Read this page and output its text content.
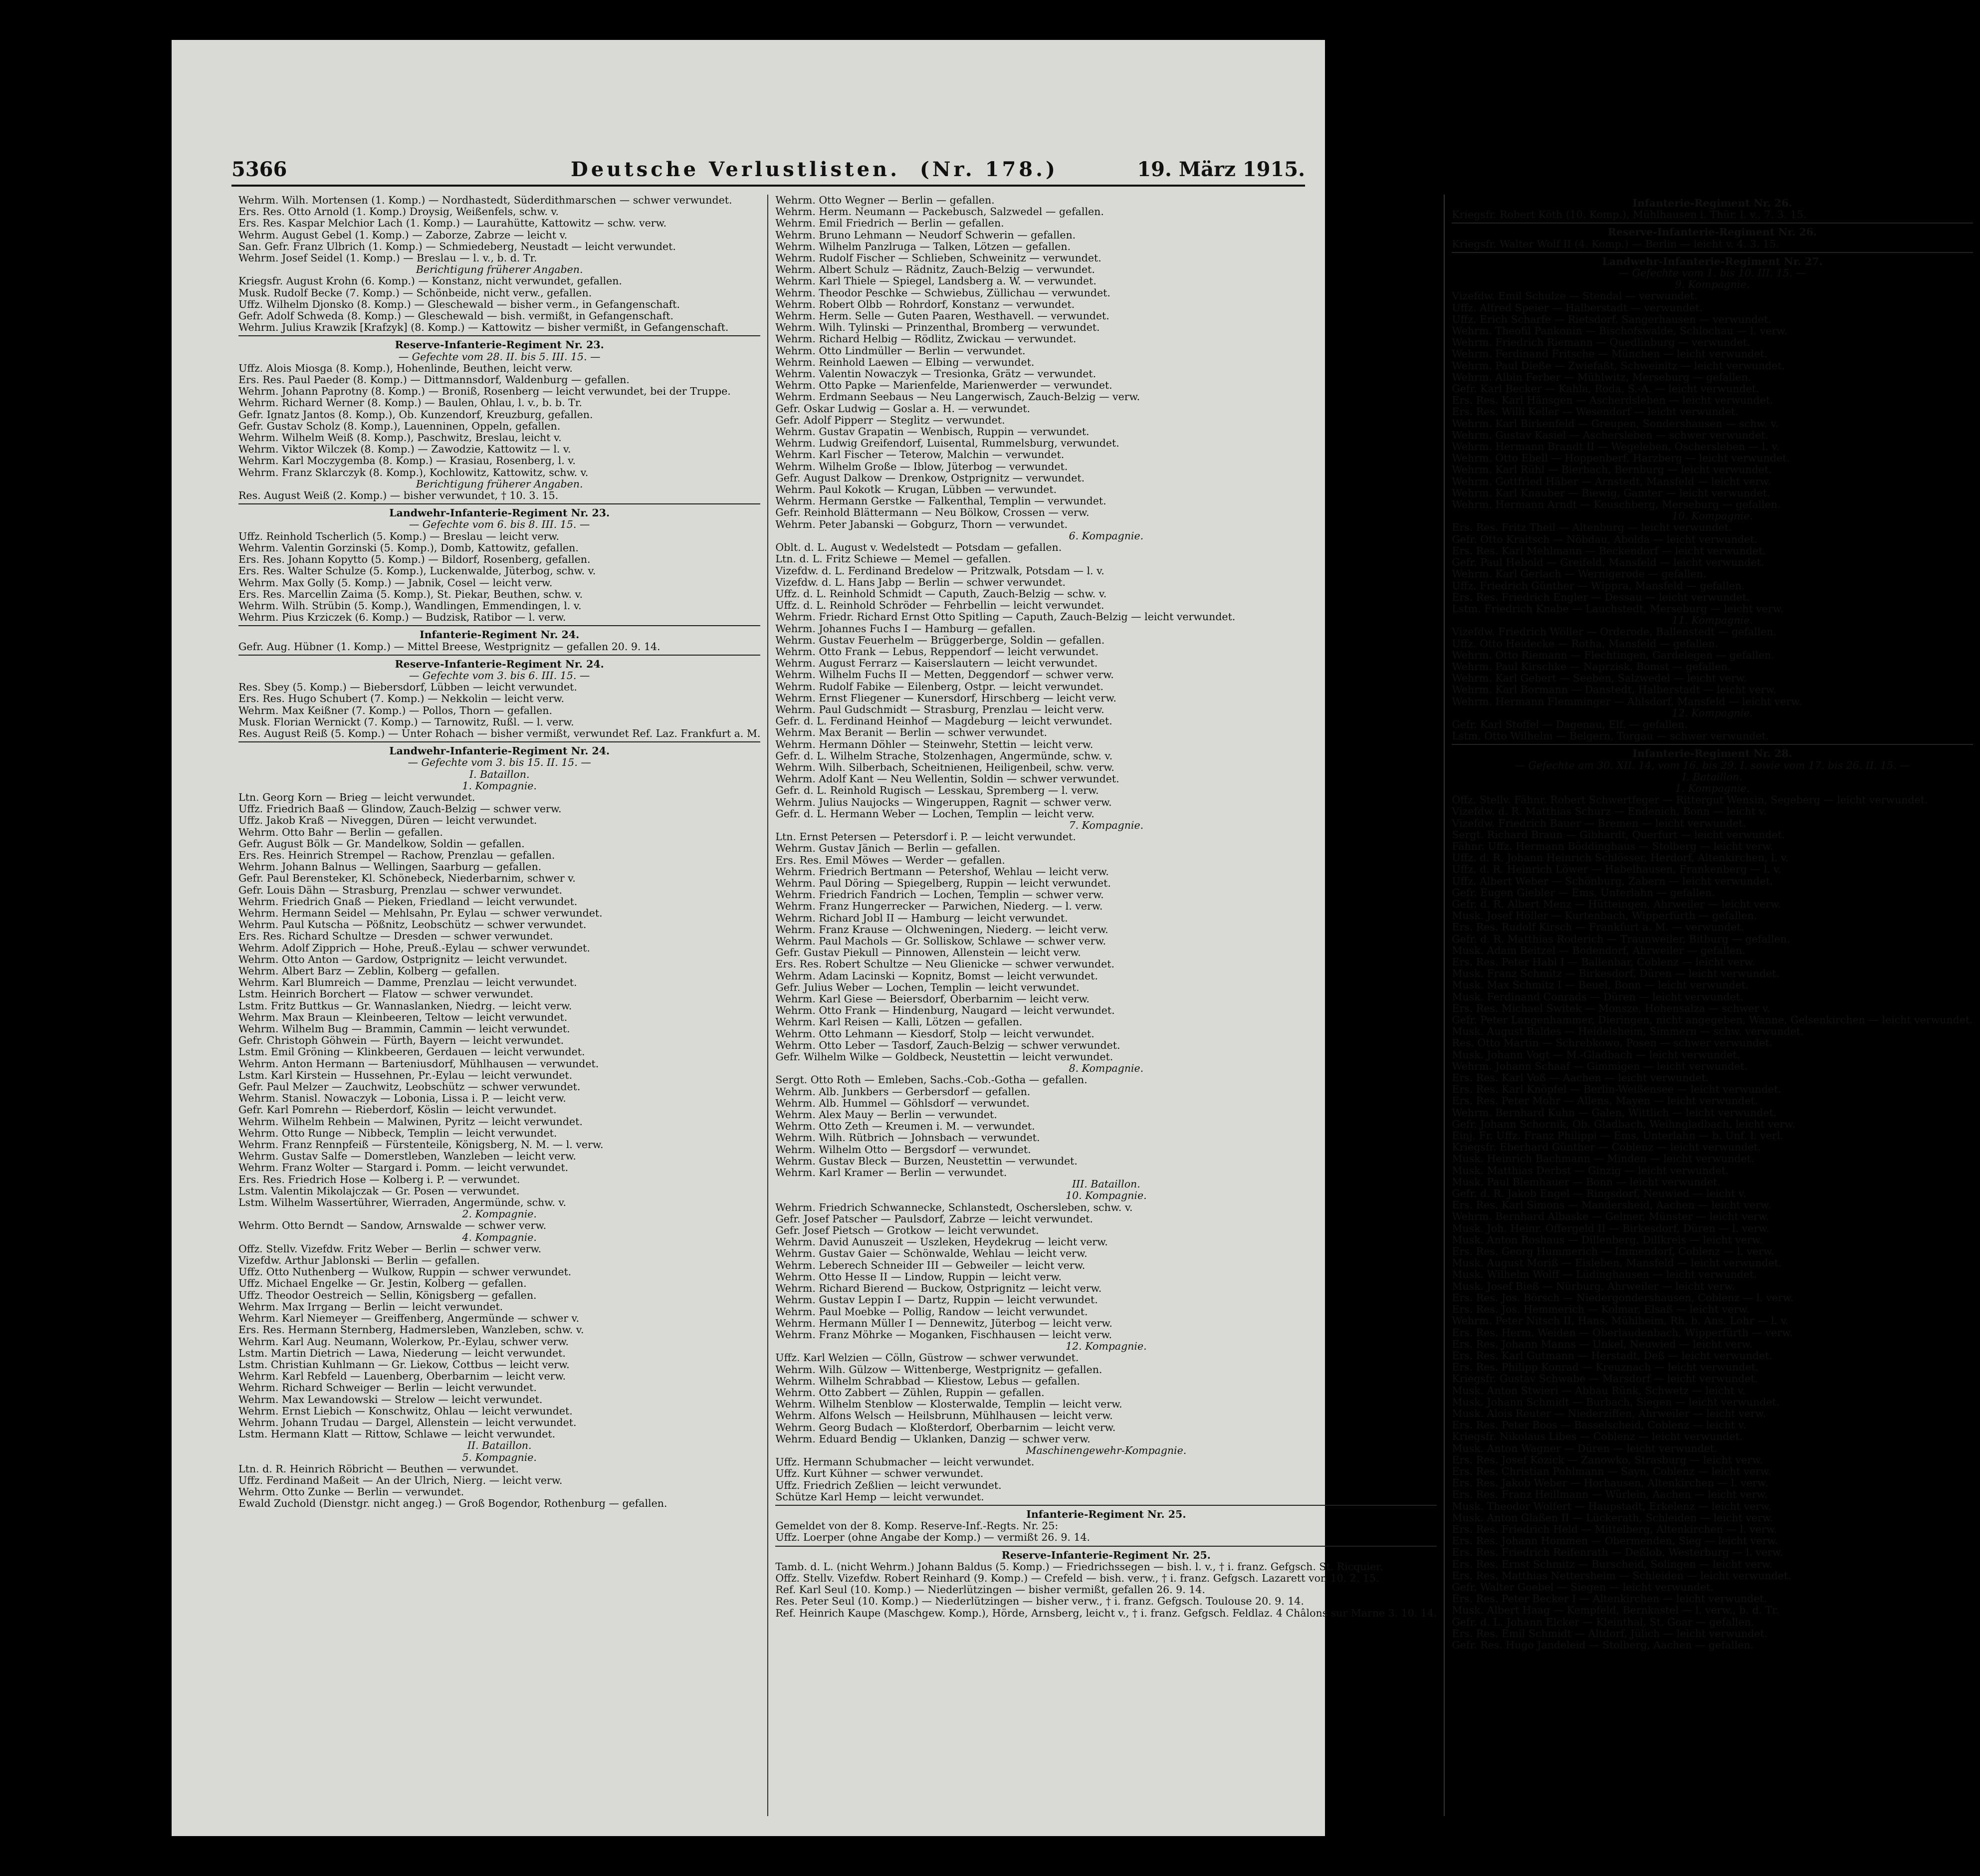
5366	Deutsche Verlustlisten. (Nr. 178.)	19. März 1915.
Wehrm. Wilh. Mortensen (1. Komp.) — Nordhastedt, Süderdithmarschen — schwer verwundet.
Ers. Res. Otto Arnold (1. Komp.) Droysig, Weißenfels, schw. v.
Ers. Res. Kaspar Melchior Lach (1. Komp.) — Laurahütte, Kattowitz — schw. verw.
Wehrm. August Gebel (1. Komp.) — Zaborze, Zabrze — leicht v.
San. Gefr. Franz Ulbrich (1. Komp.) — Schmiedeberg, Neustadt — leicht verwundet.
Wehrm. Josef Seidel (1. Komp.) — Breslau — l. v., b. d. Tr.
Berichtigung früherer Angaben.
Kriegsfr. August Krohn (6. Komp.) — Konstanz, nicht verwundet, gefallen.
Musk. Rudolf Becke (7. Komp.) — Schönbeide, nicht verw., gefallen.
Uffz. Wilhelm Djonsko (8. Komp.) — Gleschewald — bisher verm., in Gefangenschaft.
Gefr. Adolf Schweda (8. Komp.) — Gleschewald — bish. vermißt, in Gefangenschaft.
Wehrm. Julius Krawzik [Krafzyk] (8. Komp.) — Kattowitz — bisher vermißt, in Gefangenschaft.
Reserve-Infanterie-Regiment Nr. 23.
— Gefechte vom 28. II. bis 5. III. 15. —
Uffz. Alois Miosga (8. Komp.), Hohenlinde, Beuthen, leicht verw.
Ers. Res. Paul Paeder (8. Komp.) — Dittmannsdorf, Waldenburg — gefallen.
Wehrm. Johann Paprotny (8. Komp.) — Broniß, Rosenberg — leicht verwundet, bei der Truppe.
Wehrm. Richard Werner (8. Komp.) — Baulen, Ohlau, l. v., b. b. Tr.
Gefr. Ignatz Jantos (8. Komp.), Ob. Kunzendorf, Kreuzburg, gefallen.
Gefr. Gustav Scholz (8. Komp.), Lauenninen, Oppeln, gefallen.
Wehrm. Wilhelm Weiß (8. Komp.), Paschwitz, Breslau, leicht v.
Wehrm. Viktor Wilczek (8. Komp.) — Zawodzie, Kattowitz — l. v.
Wehrm. Karl Moczygemba (8. Komp.) — Krasiau, Rosenberg, l. v.
Wehrm. Franz Sklarczyk (8. Komp.), Kochlowitz, Kattowitz, schw. v.
Berichtigung früherer Angaben.
Res. August Weiß (2. Komp.) — bisher verwundet, † 10. 3. 15.
Landwehr-Infanterie-Regiment Nr. 23.
— Gefechte vom 6. bis 8. III. 15. —
Uffz. Reinhold Tscherlich (5. Komp.) — Breslau — leicht verw.
Wehrm. Valentin Gorzinski (5. Komp.), Domb, Kattowitz, gefallen.
Ers. Res. Johann Kopytto (5. Komp.) — Bildorf, Rosenberg, gefallen.
Ers. Res. Walter Schulze (5. Komp.), Luckenwalde, Jüterbog, schw. v.
Wehrm. Max Golly (5. Komp.) — Jabnik, Cosel — leicht verw.
Ers. Res. Marcellin Zaima (5. Komp.), St. Piekar, Beuthen, schw. v.
Wehrm. Wilh. Strübin (5. Komp.), Wandlingen, Emmendingen, l. v.
Wehrm. Pius Krziczek (6. Komp.) — Budzisk, Ratibor — l. verw.
Infanterie-Regiment Nr. 24.
Gefr. Aug. Hübner (1. Komp.) — Mittel Breese, Westprignitz — gefallen 20. 9. 14.
Reserve-Infanterie-Regiment Nr. 24.
— Gefechte vom 3. bis 6. III. 15. —
Res. Sbey (5. Komp.) — Biebersdorf, Lübben — leicht verwundet.
Ers. Res. Hugo Schubert (7. Komp.) — Nekkolin — leicht verw.
Wehrm. Max Keißner (7. Komp.) — Pollos, Thorn — gefallen.
Musk. Florian Wernickt (7. Komp.) — Tarnowitz, Rußl. — l. verw.
Res. August Reiß (5. Komp.) — Unter Rohach — bisher vermißt, verwundet Ref. Laz. Frankfurt a. M.
Landwehr-Infanterie-Regiment Nr. 24.
— Gefechte vom 3. bis 15. II. 15. —
I. Bataillon.
1. Kompagnie.
Ltn. Georg Korn — Brieg — leicht verwundet.
Uffz. Friedrich Baaß — Glindow, Zauch-Belzig — schwer verw.
Uffz. Jakob Kraß — Niveggen, Düren — leicht verwundet.
Wehrm. Otto Bahr — Berlin — gefallen.
Gefr. August Bölk — Gr. Mandelkow, Soldin — gefallen.
Ers. Res. Heinrich Strempel — Rachow, Prenzlau — gefallen.
Wehrm. Johann Balnus — Wellingen, Saarburg — gefallen.
Gefr. Paul Berensteker, Kl. Schönebeck, Niederbarnim, schwer v.
Gefr. Louis Dähn — Strasburg, Prenzlau — schwer verwundet.
Wehrm. Friedrich Gnaß — Pieken, Friedland — leicht verwundet.
Wehrm. Hermann Seidel — Mehlsahn, Pr. Eylau — schwer verwundet.
Wehrm. Paul Kutscha — Pößnitz, Leobschütz — schwer verwundet.
Ers. Res. Richard Schultze — Dresden — schwer verwundet.
Wehrm. Adolf Zipprich — Hohe, Preuß.-Eylau — schwer verwundet.
Wehrm. Otto Anton — Gardow, Ostprignitz — leicht verwundet.
Wehrm. Albert Barz — Zeblin, Kolberg — gefallen.
Wehrm. Karl Blumreich — Damme, Prenzlau — leicht verwundet.
Lstm. Heinrich Borchert — Flatow — schwer verwundet.
Lstm. Fritz Buttkus — Gr. Wannaslanken, Niedrg. — leicht verw.
Wehrm. Max Braun — Kleinbeeren, Teltow — leicht verwundet.
Wehrm. Wilhelm Bug — Brammin, Cammin — leicht verwundet.
Gefr. Christoph Göhwein — Fürth, Bayern — leicht verwundet.
Lstm. Emil Gröning — Klinkbeeren, Gerdauen — leicht verwundet.
Wehrm. Anton Hermann — Barteniusdorf, Mühlhausen — verwundet.
Lstm. Karl Kirstein — Hussehnen, Pr.-Eylau — leicht verwundet.
Gefr. Paul Melzer — Zauchwitz, Leobschütz — schwer verwundet.
Wehrm. Stanisl. Nowaczyk — Lobonia, Lissa i. P. — leicht verw.
Gefr. Karl Pomrehn — Rieberdorf, Köslin — leicht verwundet.
Wehrm. Wilhelm Rehbein — Malwinen, Pyritz — leicht verwundet.
Wehrm. Otto Runge — Nibbeck, Templin — leicht verwundet.
Wehrm. Franz Rennpfeiß — Fürstenteile, Königsberg, N. M. — l. verw.
Wehrm. Gustav Salfe — Domerstleben, Wanzleben — leicht verw.
Wehrm. Franz Wolter — Stargard i. Pomm. — leicht verwundet.
Ers. Res. Friedrich Hose — Kolberg i. P. — verwundet.
Lstm. Valentin Mikolajczak — Gr. Posen — verwundet.
Lstm. Wilhelm Wassertührer, Wierraden, Angermünde, schw. v.
2. Kompagnie.
Wehrm. Otto Berndt — Sandow, Arnswalde — schwer verw.
4. Kompagnie.
Offz. Stellv. Vizefdw. Fritz Weber — Berlin — schwer verw.
Vizefdw. Arthur Jablonski — Berlin — gefallen.
Uffz. Otto Nuthenberg — Wulkow, Ruppin — schwer verwundet.
Uffz. Michael Engelke — Gr. Jestin, Kolberg — gefallen.
Uffz. Theodor Oestreich — Sellin, Königsberg — gefallen.
Wehrm. Max Irrgang — Berlin — leicht verwundet.
Wehrm. Karl Niemeyer — Greiffenberg, Angermünde — schwer v.
Ers. Res. Hermann Sternberg, Hadmersleben, Wanzleben, schw. v.
Wehrm. Karl Aug. Neumann, Wolerkow, Pr.-Eylau, schwer verw.
Lstm. Martin Dietrich — Lawa, Niederung — leicht verwundet.
Lstm. Christian Kuhlmann — Gr. Liekow, Cottbus — leicht verw.
Wehrm. Karl Rebfeld — Lauenberg, Oberbarnim — leicht verw.
Wehrm. Richard Schweiger — Berlin — leicht verwundet.
Wehrm. Max Lewandowski — Strelow — leicht verwundet.
Wehrm. Ernst Liebich — Konschwitz, Ohlau — leicht verwundet.
Wehrm. Johann Trudau — Dargel, Allenstein — leicht verwundet.
Lstm. Hermann Klatt — Rittow, Schlawe — leicht verwundet.
II. Bataillon.
5. Kompagnie.
Ltn. d. R. Heinrich Röbricht — Beuthen — verwundet.
Uffz. Ferdinand Maßeit — An der Ulrich, Nierg. — leicht verw.
Wehrm. Otto Zunke — Berlin — verwundet.
Ewald Zuchold (Dienstgr. nicht angeg.) — Groß Bogendor, Rothenburg — gefallen.
Wehrm. Otto Wegner — Berlin — gefallen.
Wehrm. Herm. Neumann — Packebusch, Salzwedel — gefallen.
Wehrm. Emil Friedrich — Berlin — gefallen.
Wehrm. Bruno Lehmann — Neudorf Schwerin — gefallen.
Wehrm. Wilhelm Panzlruga — Talken, Lötzen — gefallen.
Wehrm. Rudolf Fischer — Schlieben, Schweinitz — verwundet.
Wehrm. Albert Schulz — Rädnitz, Zauch-Belzig — verwundet.
Wehrm. Karl Thiele — Spiegel, Landsberg a. W. — verwundet.
Wehrm. Theodor Peschke — Schwiebus, Züllichau — verwundet.
Wehrm. Robert Olbb — Rohrdorf, Konstanz — verwundet.
Wehrm. Herm. Selle — Guten Paaren, Westhavell. — verwundet.
Wehrm. Wilh. Tylinski — Prinzenthal, Bromberg — verwundet.
Wehrm. Richard Helbig — Rödlitz, Zwickau — verwundet.
Wehrm. Otto Lindmüller — Berlin — verwundet.
Wehrm. Reinhold Laewen — Elbing — verwundet.
Wehrm. Valentin Nowaczyk — Tresionka, Grätz — verwundet.
Wehrm. Otto Papke — Marienfelde, Marienwerder — verwundet.
Wehrm. Erdmann Seebaus — Neu Langerwisch, Zauch-Belzig — verw.
Gefr. Oskar Ludwig — Goslar a. H. — verwundet.
Gefr. Adolf Pipperr — Steglitz — verwundet.
Wehrm. Gustav Grapatin — Wenbisch, Ruppin — verwundet.
Wehrm. Ludwig Greifendorf, Luisental, Rummelsburg, verwundet.
Wehrm. Karl Fischer — Teterow, Malchin — verwundet.
Wehrm. Wilhelm Große — Iblow, Jüterbog — verwundet.
Gefr. August Dalkow — Drenkow, Ostprignitz — verwundet.
Wehrm. Paul Kokotk — Krugan, Lübben — verwundet.
Wehrm. Hermann Gerstke — Falkenthal, Templin — verwundet.
Gefr. Reinhold Blättermann — Neu Bölkow, Crossen — verw.
Wehrm. Peter Jabanski — Gobgurz, Thorn — verwundet.
6. Kompagnie.
Oblt. d. L. August v. Wedelstedt — Potsdam — gefallen.
Ltn. d. L. Fritz Schiewe — Memel — gefallen.
Vizefdw. d. L. Ferdinand Bredelow — Pritzwalk, Potsdam — l. v.
Vizefdw. d. L. Hans Jabp — Berlin — schwer verwundet.
Uffz. d. L. Reinhold Schmidt — Caputh, Zauch-Belzig — schw. v.
Uffz. d. L. Reinhold Schröder — Fehrbellin — leicht verwundet.
Wehrm. Friedr. Richard Ernst Otto Spitling — Caputh, Zauch-Belzig — leicht verwundet.
Wehrm. Johannes Fuchs I — Hamburg — gefallen.
Wehrm. Gustav Feuerhelm — Brüggerberge, Soldin — gefallen.
Wehrm. Otto Frank — Lebus, Reppendorf — leicht verwundet.
Wehrm. August Ferrarz — Kaiserslautern — leicht verwundet.
Wehrm. Wilhelm Fuchs II — Metten, Deggendorf — schwer verw.
Wehrm. Rudolf Fabike — Eilenberg, Ostpr. — leicht verwundet.
Wehrm. Ernst Fliegener — Kunersdorf, Hirschberg — leicht verw.
Wehrm. Paul Gudschmidt — Strasburg, Prenzlau — leicht verw.
Gefr. d. L. Ferdinand Heinhof — Magdeburg — leicht verwundet.
Wehrm. Max Beranit — Berlin — schwer verwundet.
Wehrm. Hermann Döhler — Steinwehr, Stettin — leicht verw.
Gefr. d. L. Wilhelm Strache, Stolzenhagen, Angermünde, schw. v.
Wehrm. Wilh. Silberbach, Scheitnienen, Heiligenbeil, schw. verw.
Wehrm. Adolf Kant — Neu Wellentin, Soldin — schwer verwundet.
Gefr. d. L. Reinhold Rugisch — Lesskau, Spremberg — l. verw.
Wehrm. Julius Naujocks — Wingeruppen, Ragnit — schwer verw.
Gefr. d. L. Hermann Weber — Lochen, Templin — leicht verw.
7. Kompagnie.
Ltn. Ernst Petersen — Petersdorf i. P. — leicht verwundet.
Wehrm. Gustav Jänich — Berlin — gefallen.
Ers. Res. Emil Möwes — Werder — gefallen.
Wehrm. Friedrich Bertmann — Petershof, Wehlau — leicht verw.
Wehrm. Paul Döring — Spiegelberg, Ruppin — leicht verwundet.
Wehrm. Friedrich Fandrich — Lochen, Templin — schwer verw.
Wehrm. Franz Hungerrecker — Parwichen, Niederg. — l. verw.
Wehrm. Richard Jobl II — Hamburg — leicht verwundet.
Wehrm. Franz Krause — Olchweningen, Niederg. — leicht verw.
Wehrm. Paul Machols — Gr. Solliskow, Schlawe — schwer verw.
Gefr. Gustav Piekull — Pinnowen, Allenstein — leicht verw.
Ers. Res. Robert Schultze — Neu Glienicke — schwer verwundet.
Wehrm. Adam Lacinski — Kopnitz, Bomst — leicht verwundet.
Gefr. Julius Weber — Lochen, Templin — leicht verwundet.
Wehrm. Karl Giese — Beiersdorf, Oberbarnim — leicht verw.
Wehrm. Otto Frank — Hindenburg, Naugard — leicht verwundet.
Wehrm. Karl Reisen — Kalli, Lötzen — gefallen.
Wehrm. Otto Lehmann — Kiesdorf, Stolp — leicht verwundet.
Wehrm. Otto Leber — Tasdorf, Zauch-Belzig — schwer verwundet.
Gefr. Wilhelm Wilke — Goldbeck, Neustettin — leicht verwundet.
8. Kompagnie.
Sergt. Otto Roth — Emleben, Sachs.-Cob.-Gotha — gefallen.
Wehrm. Alb. Junkbers — Gerbersdorf — gefallen.
Wehrm. Alb. Hummel — Göhlsdorf — verwundet.
Wehrm. Alex Mauy — Berlin — verwundet.
Wehrm. Otto Zeth — Kreumen i. M. — verwundet.
Wehrm. Wilh. Rütbrich — Johnsbach — verwundet.
Wehrm. Wilhelm Otto — Bergsdorf — verwundet.
Wehrm. Gustav Bleck — Burzen, Neustettin — verwundet.
Wehrm. Karl Kramer — Berlin — verwundet.
III. Bataillon.
10. Kompagnie.
Wehrm. Friedrich Schwannecke, Schlanstedt, Oschersleben, schw. v.
Gefr. Josef Patscher — Paulsdorf, Zabrze — leicht verwundet.
Gefr. Josef Pietsch — Grotkow — leicht verwundet.
Wehrm. David Aunuszeit — Uszleken, Heydekrug — leicht verw.
Wehrm. Gustav Gaier — Schönwalde, Wehlau — leicht verw.
Wehrm. Leberech Schneider III — Gebweiler — leicht verw.
Wehrm. Otto Hesse II — Lindow, Ruppin — leicht verw.
Wehrm. Richard Bierend — Buckow, Ostprignitz — leicht verw.
Wehrm. Gustav Leppin I — Dartz, Ruppin — leicht verwundet.
Wehrm. Paul Moebke — Pollig, Randow — leicht verwundet.
Wehrm. Hermann Müller I — Dennewitz, Jüterbog — leicht verw.
Wehrm. Franz Möhrke — Moganken, Fischhausen — leicht verw.
12. Kompagnie.
Uffz. Karl Welzien — Cölln, Güstrow — schwer verwundet.
Wehrm. Wilh. Gülzow — Wittenberge, Westprignitz — gefallen.
Wehrm. Wilhelm Schrabbad — Kliestow, Lebus — gefallen.
Wehrm. Otto Zabbert — Zühlen, Ruppin — gefallen.
Wehrm. Wilhelm Stenblow — Klosterwalde, Templin — leicht verw.
Wehrm. Alfons Welsch — Heilsbrunn, Mühlhausen — leicht verw.
Wehrm. Georg Budach — Kloßterdorf, Oberbarnim — leicht verw.
Wehrm. Eduard Bendig — Uklanken, Danzig — schwer verw.
Maschinengewehr-Kompagnie.
Uffz. Hermann Schubmacher — leicht verwundet.
Uffz. Kurt Kühner — schwer verwundet.
Uffz. Friedrich Zeßlien — leicht verwundet.
Schütze Karl Hemp — leicht verwundet.
Infanterie-Regiment Nr. 25.
Gemeldet von der 8. Komp. Reserve-Inf.-Regts. Nr. 25:
Uffz. Loerper (ohne Angabe der Komp.) — vermißt 26. 9. 14.
Reserve-Infanterie-Regiment Nr. 25.
Tamb. d. L. (nicht Wehrm.) Johann Baldus (5. Komp.) — Friedrichssegen — bish. l. v., † i. franz. Gefgsch. St. Ricquier.
Offz. Stellv. Vizefdw. Robert Reinhard (9. Komp.) — Crefeld — bish. verw., † i. franz. Gefgsch. Lazarett von 10. 2. 15.
Ref. Karl Seul (10. Komp.) — Niederlützingen — bisher vermißt, gefallen 26. 9. 14.
Res. Peter Seul (10. Komp.) — Niederlützingen — bisher verw., † i. franz. Gefgsch. Toulouse 20. 9. 14.
Ref. Heinrich Kaupe (Maschgew. Komp.), Hörde, Arnsberg, leicht v., † i. franz. Gefgsch. Feldlaz. 4 Châlons sur Marne 3. 10. 14.
Infanterie-Regiment Nr. 26.
Kriegsfr. Robert Köth (10. Komp.), Mühlhausen i. Thür. l. v., 7. 3. 15.
Reserve-Infanterie-Regiment Nr. 26.
Kriegsfr. Walter Wolf II (4. Komp.) — Berlin — leicht v. 4. 3. 15.
Landwehr-Infanterie-Regiment Nr. 27.
— Gefechte vom 1. bis 10. III. 15. —
9. Kompagnie.
Vizefdw. Emil Schulze — Stendal — verwundet.
Uffz. Alfred Speier — Halberstadt — verwundet.
Uffz. Erich Scharfe — Rietsdorf, Sangerhausen — verwundet.
Wehrm. Theofil Pankonin — Bischofswalde, Schlochau — l. verw.
Wehrm. Friedrich Riemann — Quedlinburg — verwundet.
Wehrm. Ferdinand Fritsche — München — leicht verwundet.
Wehrm. Paul Dieße — Zwiefaßt, Schweinitz — leicht verwundet.
Wehrm. Albin Ferber — Mühlwitz, Merseburg — gefallen.
Gefr. Karl Becker — Kahla, Roda, S.-A. — leicht verwundet.
Ers. Res. Karl Hänsgen — Ascherdsleben — leicht verwundet.
Ers. Res. Willi Keller — Wesendorf — leicht verwundet.
Wehrm. Karl Birkenfeld — Greupen, Sondershausen — schw. v.
Wehrm. Gustav Kasiel — Aschersleben — schwer verwundet.
Wehrm. Hermann Brandt II — Wegeleben, Oschersleben — l. v.
Wehrm. Otto Ebell — Hoppenberf, Harzberg — leicht verwundet.
Wehrm. Karl Rühl — Bierbach, Bernburg — leicht verwundet.
Wehrm. Gottfried Häber — Arnstedt, Mansfeld — leicht verw.
Wehrm. Karl Knauber — Biewig, Gamter — leicht verwundet.
Wehrm. Hermann Arndt — Keuschberg, Merseburg — gefallen.
10. Kompagnie.
Ers. Res. Fritz Theil — Altenburg — leicht verwundet.
Gefr. Otto Kraitsch — Nöbdau, Abolda — leicht verwundet.
Ers. Res. Karl Mehlmann — Beckendorf — leicht verwundet.
Gefr. Paul Hebold — Greifeld, Mansfeld — leicht verwundet.
Wehrm. Karl Gerlach — Wernigerode — gefallen.
Uffz. Friedrich Günther — Wippra, Mansfeld — gefallen.
Ers. Res. Friedrich Engler — Dessau — leicht verwundet.
Lstm. Friedrich Knabe — Lauchstedt, Merseburg — leicht verw.
11. Kompagnie.
Vizefdw. Friedrich Wöller — Orderode, Ballenstedt — gefallen.
Uffz. Otto Heidecke — Rotha, Mansfeld — gefallen.
Wehrm. Otto Riemann — Flechtingen, Gardelegen — gefallen.
Wehrm. Paul Kirschke — Naprzisk, Bomst — gefallen.
Wehrm. Karl Gebert — Seeben, Salzwedel — leicht verw.
Wehrm. Karl Bormann — Danstedt, Halberstadt — leicht verw.
Wehrm. Hermann Flemminger — Ahlsdorf, Mansfeld — leicht verw.
12. Kompagnie.
Gefr. Karl Stoffel — Dagenau, Elf. — gefallen.
Lstm. Otto Wilhelm — Belgern, Torgau — schwer verwundet.
Infanterie-Regiment Nr. 28.
— Gefechte am 30. XII. 14, vom 16. bis 29. I. sowie vom 17. bis 26. II. 15. —
I. Bataillon.
1. Kompagnie.
Offz. Stellv. Fähnr. Robert Schwertfeger — Rittergut Wensin, Segeberg — leicht verwundet.
Vizefdw. d. R. Matthias Schurz — Endenich, Bonn — leicht v.
Vizefdw. Friedrich Bauer — Bremen — leicht verwundet.
Sergt. Richard Braun — Gibhardt, Querfurt — leicht verwundet.
Fähnr. Uffz. Hermann Böddinghaus — Stolberg — leicht verw.
Uffz. d. R. Johann Heinrich Schlösser, Herdorf, Altenkirchen, l. v.
Uffz. d. R. Heinrich Löwer — Habelhausen, Frankenberg — l. v.
Uffz. Albert Weber — Schönburg, Zabern — leicht verwundet.
Gefr. Eugen Giebler — Ems, Unterlahn — gefallen.
Gefr. d. R. Albert Menz — Hütteingen, Ahrweiler — leicht verw.
Musk. Josef Höller — Kurtenbach, Wipperfürth — gefallen.
Ers. Res. Rudolf Kirsch — Frankfurt a. M. — verwundet.
Gefr. d. R. Matthias Roderich — Traunweiler, Bitburg — gefallen.
Musk. Adam Beitzel — Bodendorf, Ahrweiler — gefallen.
Ers. Res. Peter Habl I — Ballenbar, Coblenz — leicht verw.
Musk. Franz Schmitz — Birkesdorf, Düren — leicht verwundet.
Musk. Max Schmitz I — Beuel, Bonn — leicht verwundet.
Musk. Ferdinand Conrads — Düren — leicht verwundet.
Ers. Res. Michael Switek — Monsze, Hohensalza — schwer v.
Gefr. Peter Langenhammer, Dieringen, nicht angegeben, Wanne, Gelsenkirchen — leicht verwundet.
Musk. August Baldes — Heidelsheim, Simmern — schw. verwundet.
Res. Otto Martin — Schrebkowo, Posen — schwer verwundet.
Musk. Johann Vogt — M.-Gladbach — leicht verwundet.
Wehrm. Johann Schaaf — Gimmigen — leicht verwundet.
Ers. Res. Karl Voß — Aachen — leicht verwundet.
Ers. Res. Karl Knöpfel — Berlin-Weißensee — leicht verwundet.
Ers. Res. Peter Mohr — Allens, Mayen — leicht verwundet.
Wehrm. Bernhard Kuhn — Galen, Wittlich — leicht verwundet.
Gefr. Johann Schornik, Ob. Gladbach, Weihngladbach, leicht verw.
Einj. Fr. Uffz. Franz Philippi — Ems, Unterlahn — b. Unf. l. verl.
Kriegsfr. Eberhard Günther — Coblenz — leicht verwundet.
Musk. Heinrich Bachmann — Minden — leicht verwundet.
Musk. Matthias Derbst — Ginzig — leicht verwundet.
Musk. Paul Blemhauer — Bonn — leicht verwundet.
Gefr. d. R. Jakob Engel — Ringsdorf, Neuwied — leicht v.
Ers. Res. Karl Simons — Mandersheid, Aachen — leicht verw.
Wehrm. Bernhard Albaske — Gelmer, Münster — leicht verw.
Musk. Joh. Heinr. Offergeld II — Birkesdorf, Düren — l. verw.
Musk. Anton Roshaus — Dillenberg, Dillkreis — leicht verw.
Ers. Res. Georg Hummerich — Immendorf, Coblenz — l. verw.
Musk. August Moriß — Eisleben, Mansfeld — leicht verwundet.
Musk. Wilhelm Wolff — Lüdinghausen — leicht verwundet.
Musk. Josef Bieß — Nürburg, Ahrweiler — leicht verw.
Ers. Res. Jos. Börsch — Niedergondershausen, Coblenz — l. verw.
Ers. Res. Jos. Hemmerich — Kolmar, Elsaß — leicht verw.
Wehrm. Peter Nitsch II, Hans, Mühlheim, Rh. b. Ans. Lohr — l. v.
Ers. Res. Herm. Weiden — Oberlaudenbach, Wipperfürth — verw.
Ers. Res. Johann Manns — Unkel, Neuwied — leicht verw.
Ers. Res. Karl Gutmann — Herstadt, Deß — leicht verwundet.
Ers. Res. Philipp Konrad — Kreuznach — leicht verwundet.
Kriegsfr. Gustav Schwabe — Marsdorf — leicht verwundet.
Musk. Anton Stwieri — Abbau Rünk, Schwetz — leicht v.
Musk. Johann Schmidt — Burbach, Siegen — leicht verwundet.
Musk. Alois Reuter — Niederziffen, Ahrweiler — leicht verw.
Ers. Res. Peter Boos — Basselscheid, Coblenz — leicht v.
Kriegsfr. Nikolaus Libes — Coblenz — leicht verwundet.
Musk. Anton Wagner — Düren — leicht verwundet.
Ers. Res. Josef Kozick — Zanowko, Strasburg — leicht verw.
Ers. Res. Christian Pohlmann — Sayn, Coblenz — leicht verw.
Ers. Res. Jakob Weber — Horhausen, Altenkirchen — l. verw.
Ers. Res. Franz Heillmann — Würlein, Aachen — leicht verw.
Musk. Theodor Wolfert — Haupstadt, Erkelenz — leicht verw.
Musk. Anton Glaßen II — Lückerath, Schleiden — leicht verw.
Ers. Res. Friedrich Held — Mittelberg, Altenkirchen — l. verw.
Ers. Res. Johann Hommen — Obermenden, Sieg — leicht verw.
Ers. Res. Friedrich Reifenrath — Deßlob, Westerburg — l. verw.
Ers. Res. Ernst Schmitz — Burscheid, Solingen — leicht verw.
Ers. Res. Matthias Nettersheim — Schleiden — leicht verwundet.
Gefr. Walter Goebel — Siegen — leicht verwundet.
Ers. Res. Peter Becker I — Altenkirchen — leicht verwundet.
Musk. Albert Haag — Kempfeld, Bernkastel — l. verw., b. d. Tr.
Gefr. d. L. Johann Elcker — Kleinthal, St. Goar — gefallen.
Ers. Res. Emil Schmidt — Altdorf, Jülich — leicht verwundet.
Gefr. Res. Hugo Jandeleid — Stolberg, Aachen — gefallen.
